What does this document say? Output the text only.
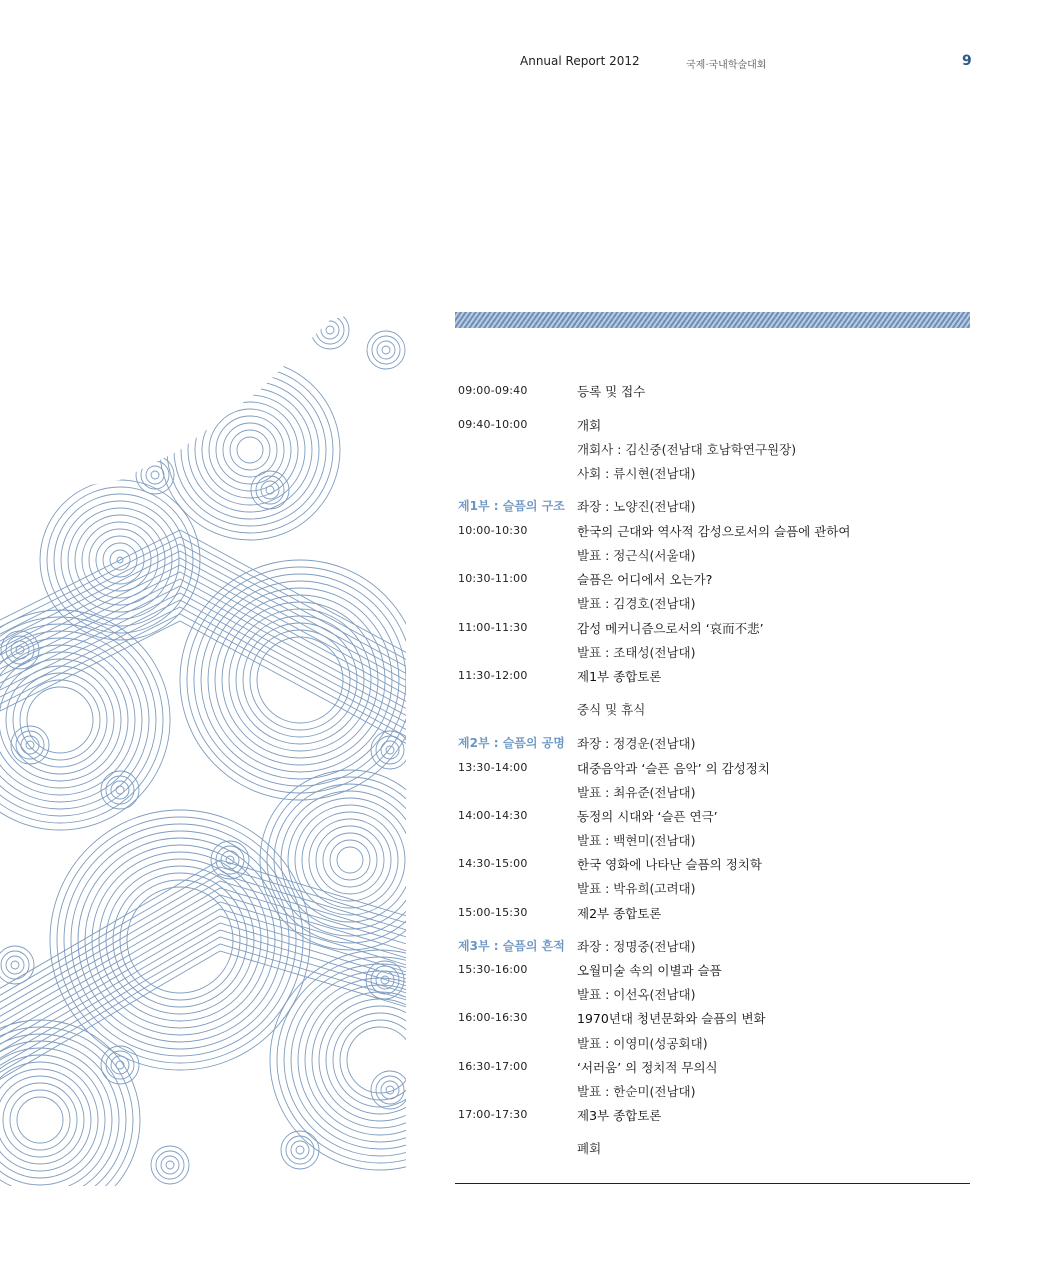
Annual Report 2012	국제·국내학술대회	9
09:00-09:40	등록 및 접수
09:40-10:00	개회
개회사 : 김신중(전남대 호남학연구원장)
사회 : 류시현(전남대)
제1부 : 슬픔의 구조 좌장 : 노양진(전남대)
10:00-10:30	한국의 근대와 역사적 감성으로서의 슬픔에 관하여
발표 : 정근식(서울대)
10:30-11:00	슬픔은 어디에서 오는가?
발표 : 김경호(전남대)
11:00-11:30	감성 메커니즘으로서의 ‘哀而不悲’
발표 : 조태성(전남대)
11:30-12:00	제1부 종합토론
중식 및 휴식
제2부 : 슬픔의 공명 좌장 : 정경운(전남대)
13:30-14:00	대중음악과 ‘슬픈 음악’ 의 감성정치
발표 : 최유준(전남대)
14:00-14:30	동정의 시대와 ‘슬픈 연극’
발표 : 백현미(전남대)
14:30-15:00	한국 영화에 나타난 슬픔의 정치학
발표 : 박유희(고려대)
15:00-15:30	제2부 종합토론
제3부 : 슬픔의 흔적 좌장 : 정명중(전남대)
15:30-16:00	오월미술 속의 이별과 슬픔
발표 : 이선옥(전남대)
16:00-16:30	1970년대 청년문화와 슬픔의 변화
발표 : 이영미(성공회대)
16:30-17:00	‘서러움’ 의 정치적 무의식
발표 : 한순미(전남대)
17:00-17:30	제3부 종합토론
폐회
